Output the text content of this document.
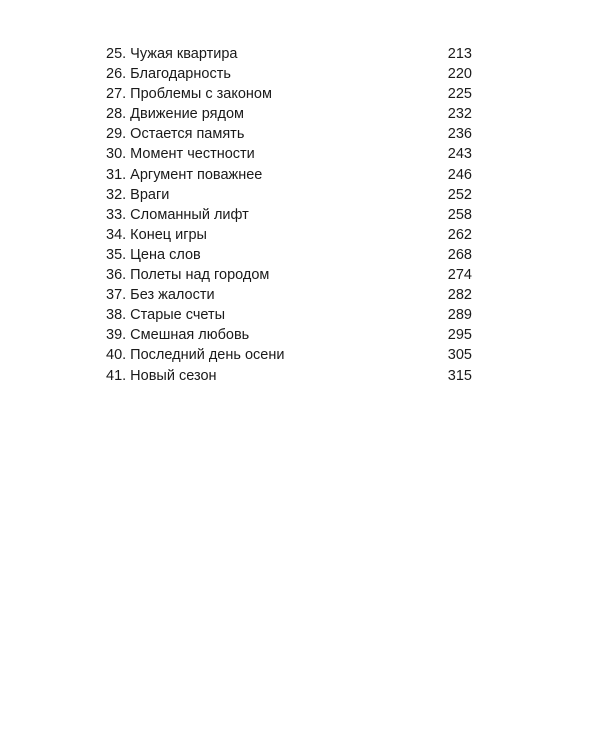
25. Чужая квартира	213
26. Благодарность	220
27. Проблемы с законом	225
28. Движение рядом	232
29. Остается память	236
30. Момент честности	243
31. Аргумент поважнее	246
32. Враги	252
33. Сломанный лифт	258
34. Конец игры	262
35. Цена слов	268
36. Полеты над городом	274
37. Без жалости	282
38. Старые счеты	289
39. Смешная любовь	295
40. Последний день осени	305
41. Новый сезон	315
